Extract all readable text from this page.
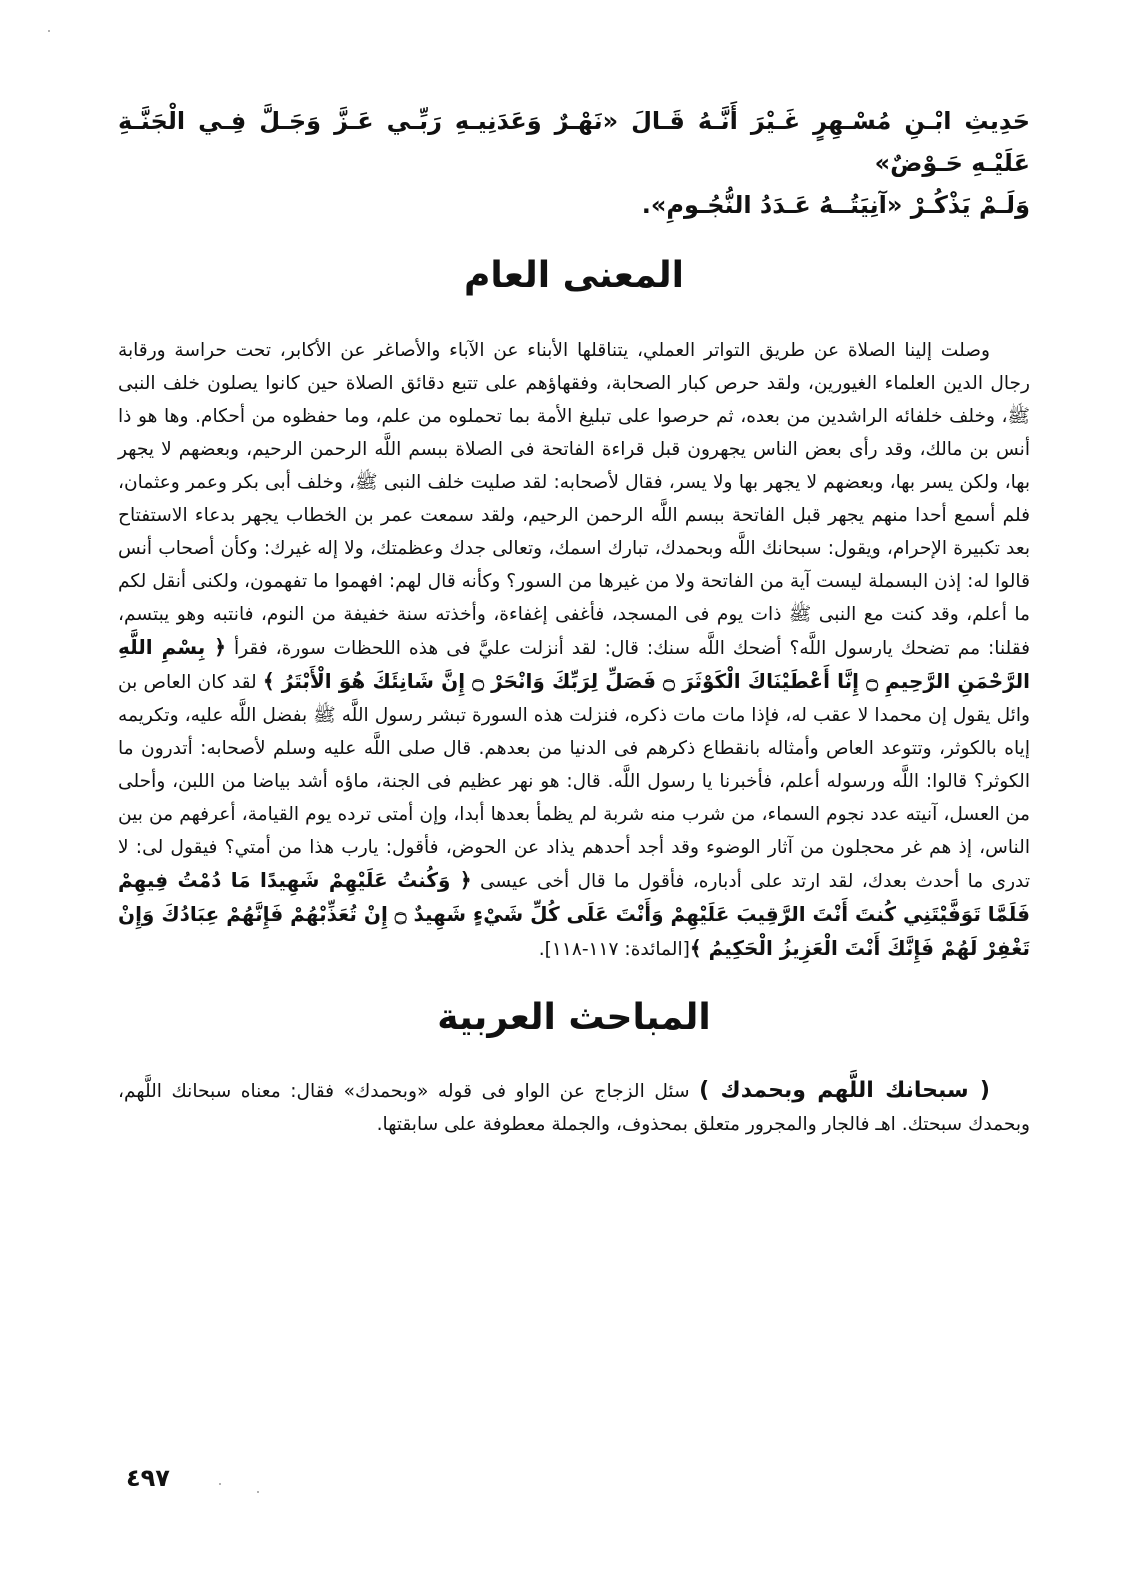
حَدِيثِ ابْـنِ مُسْـهِرٍ غَـيْرَ أَنَّـهُ قَـالَ «نَهْـرٌ وَعَدَنِيـهِ رَبِّـي عَـزَّ وَجَـلَّ فِـي الْجَنَّـةِ عَلَيْـهِ حَـوْضٌ»
وَلَـمْ يَذْكُـرْ «آنِيَتُــهُ عَـدَدُ النُّجُـومِ».

المعنى العام

وصلت إلينا الصلاة عن طريق التواتر العملي، يتناقلها الأبناء عن الآباء والأصاغر عن الأكابر، تحت حراسة ورقابة رجال الدين العلماء الغيورين، ولقد حرص كبار الصحابة، وفقهاؤهم على تتبع دقائق الصلاة حين كانوا يصلون خلف النبى ﷺ، وخلف خلفائه الراشدين من بعده، ثم حرصوا على تبليغ الأمة بما تحملوه من علم، وما حفظوه من أحكام. وها هو ذا أنس بن مالك، وقد رأى بعض الناس يجهرون قبل قراءة الفاتحة فى الصلاة ببسم اللَّه الرحمن الرحيم، وبعضهم لا يجهر بها، ولكن يسر بها، وبعضهم لا يجهر بها ولا يسر، فقال لأصحابه: لقد صليت خلف النبى ﷺ، وخلف أبى بكر وعمر وعثمان، فلم أسمع أحدا منهم يجهر قبل الفاتحة ببسم اللَّه الرحمن الرحيم، ولقد سمعت عمر بن الخطاب يجهر بدعاء الاستفتاح بعد تكبيرة الإحرام، ويقول: سبحانك اللَّه وبحمدك، تبارك اسمك، وتعالى جدك وعظمتك، ولا إله غيرك: وكأن أصحاب أنس قالوا له: إذن البسملة ليست آية من الفاتحة ولا من غيرها من السور؟ وكأنه قال لهم: افهموا ما تفهمون، ولكنى أنقل لكم ما أعلم، وقد كنت مع النبى ﷺ ذات يوم فى المسجد، فأغفى إغفاءة، وأخذته سنة خفيفة من النوم، فانتبه وهو يبتسم، فقلنا: مم تضحك يارسول اللَّه؟ أضحك اللَّه سنك: قال: لقد أنزلت عليَّ فى هذه اللحظات سورة، فقرأ ﴿ بِسْمِ اللَّهِ الرَّحْمَنِ الرَّحِيمِ ۝ إِنَّا أَعْطَيْنَاكَ الْكَوْثَرَ ۝ فَصَلِّ لِرَبِّكَ وَانْحَرْ ۝ إِنَّ شَانِئَكَ هُوَ الْأَبْتَرُ ﴾ لقد كان العاص بن وائل يقول إن محمدا لا عقب له، فإذا مات مات ذكره، فنزلت هذه السورة تبشر رسول اللَّه ﷺ بفضل اللَّه عليه، وتكريمه إياه بالكوثر، وتتوعد العاص وأمثاله بانقطاع ذكرهم فى الدنيا من بعدهم. قال صلى اللَّه عليه وسلم لأصحابه: أتدرون ما الكوثر؟ قالوا: اللَّه ورسوله أعلم، فأخبرنا يا رسول اللَّه. قال: هو نهر عظيم فى الجنة، ماؤه أشد بياضا من اللبن، وأحلى من العسل، آنيته عدد نجوم السماء، من شرب منه شربة لم يظمأ بعدها أبدا، وإن أمتى ترده يوم القيامة، أعرفهم من بين الناس، إذ هم غر محجلون من آثار الوضوء وقد أجد أحدهم يذاد عن الحوض، فأقول: يارب هذا من أمتي؟ فيقول لى: لا تدرى ما أحدث بعدك، لقد ارتد على أدباره، فأقول ما قال أخى عيسى ﴿ وَكُنتُ عَلَيْهِمْ شَهِيدًا مَا دُمْتُ فِيهِمْ فَلَمَّا تَوَفَّيْتَنِي كُنتَ أَنْتَ الرَّقِيبَ عَلَيْهِمْ وَأَنْتَ عَلَى كُلِّ شَيْءٍ شَهِيدٌ ۝ إِنْ تُعَذِّبْهُمْ فَإِنَّهُمْ عِبَادُكَ وَإِنْ تَغْفِرْ لَهُمْ فَإِنَّكَ أَنْتَ الْعَزِيزُ الْحَكِيمُ ﴾[المائدة: ١١٧-١١٨].

المباحث العربية

( سبحانك اللَّهم وبحمدك ) سئل الزجاج عن الواو فى قوله «وبحمدك» فقال: معناه سبحانك اللَّهم، وبحمدك سبحتك. اهـ فالجار والمجرور متعلق بمحذوف، والجملة معطوفة على سابقتها.

٤٩٧
